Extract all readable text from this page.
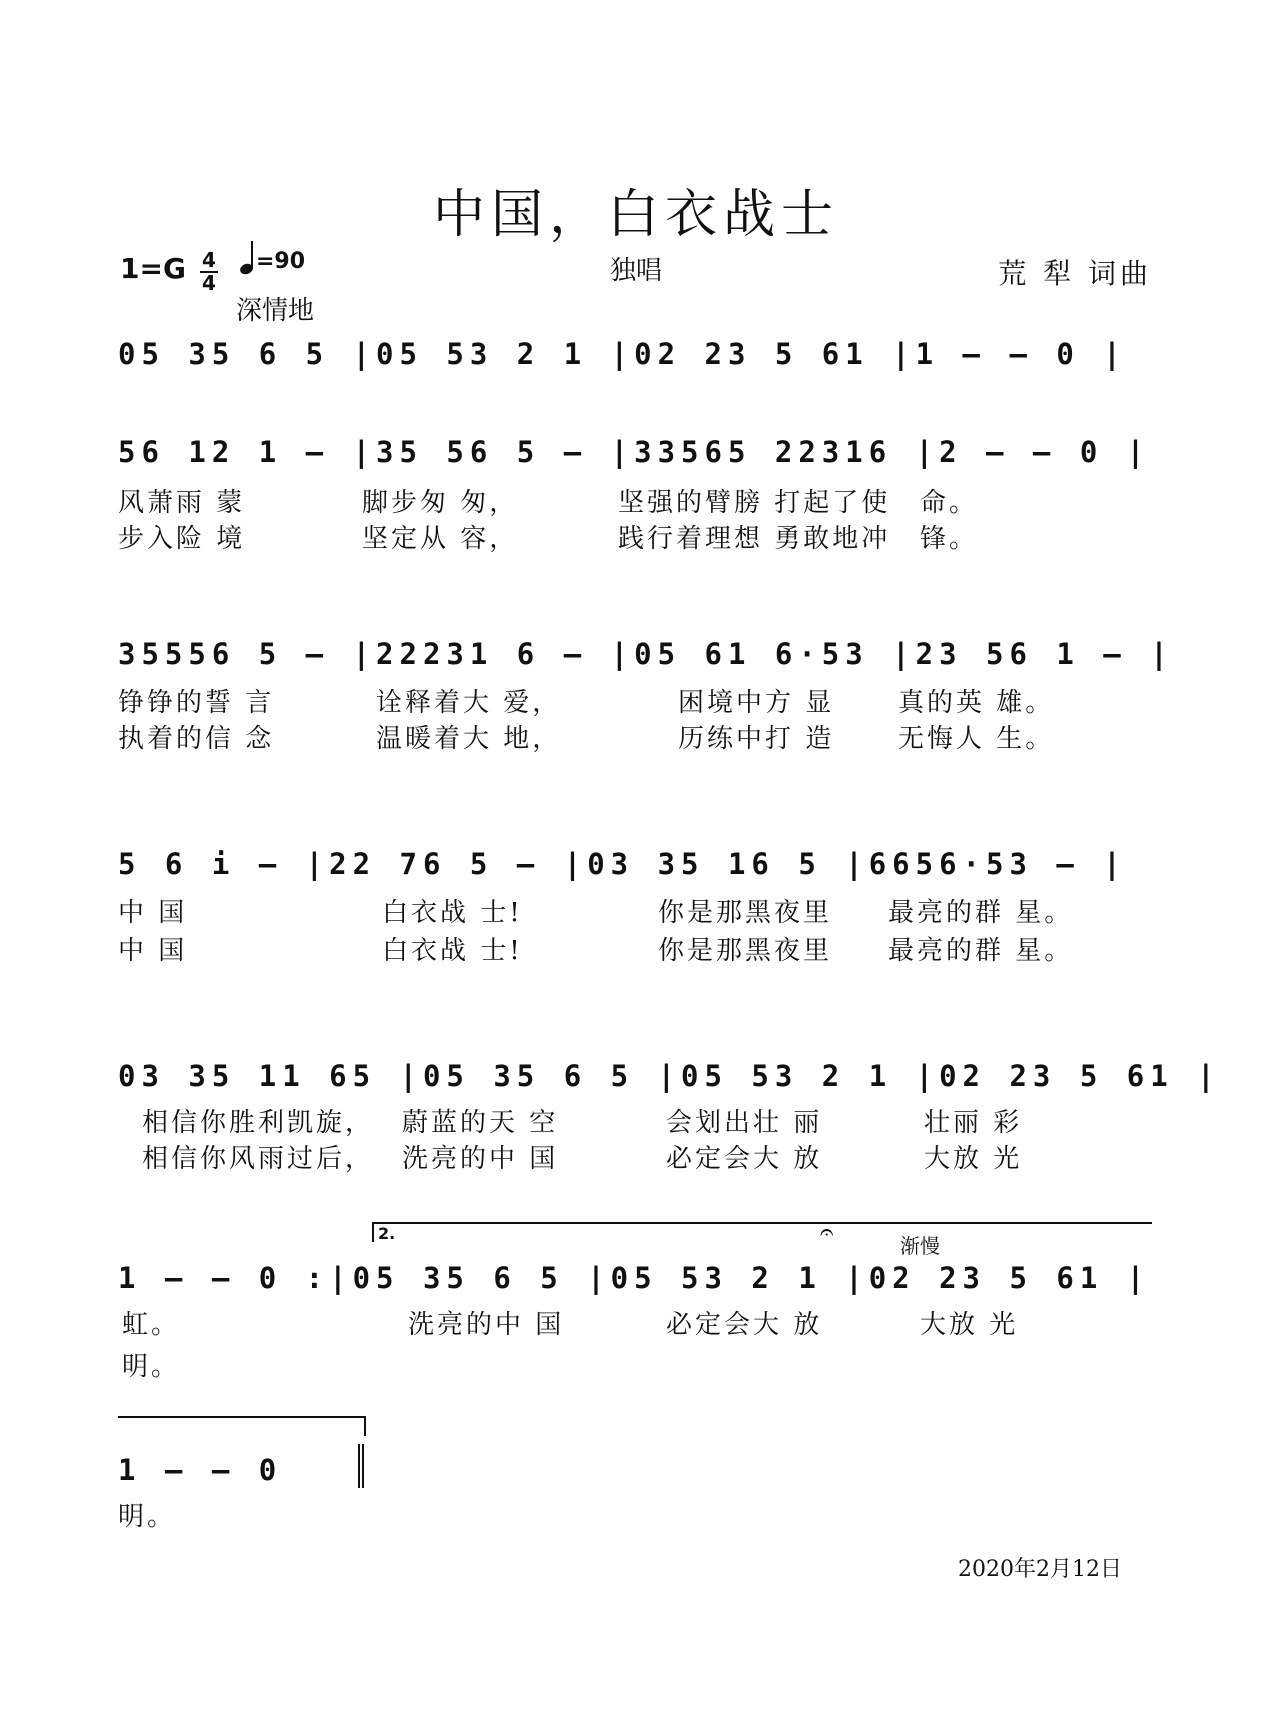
中国，白衣战士
1=G 4
4
=90
深情地
独唱	荒 犁 词曲
05 35 6 5 |05 53 2 1 |02 23 5 61 |1 – – 0 |
56 12 1 – |35 56 5 – |33565 22316 |2 – – 0 |
风萧雨 蒙
步入险 境
脚步匆 匆，
坚定从 容，
坚强的臂膀 打起了使
践行着理想 勇敢地冲
命。
锋。
35556 5 – |22231 6 – |05 61 6·53 |23 56 1 – |
铮铮的誓 言
执着的信 念
诠释着大 爱，
温暖着大 地，
困境中方 显
历练中打 造
真的英 雄。
无悔人 生。
5 6 i – |22 76 5 – |03 35 16 5 |6656·53 – |
中 国
中 国
白衣战 士!
白衣战 士!
你是那黑夜里
你是那黑夜里
最亮的群 星。
最亮的群 星。
03 35 11 65 |05 35 6 5 |05 53 2 1 |02 23 5 61 |
相信你胜利凯旋，
相信你风雨过后，
蔚蓝的天 空
洗亮的中 国
会划出壮 丽
必定会大 放
壮丽 彩
大放 光
2.
渐慢
𝄐
1 – – 0 :|05 35 6 5 |05 53 2 1 |02 23 5 61 |
虹。
明。
洗亮的中 国	必定会大 放	大放 光
1 – – 0
明。
2020年2月12日
